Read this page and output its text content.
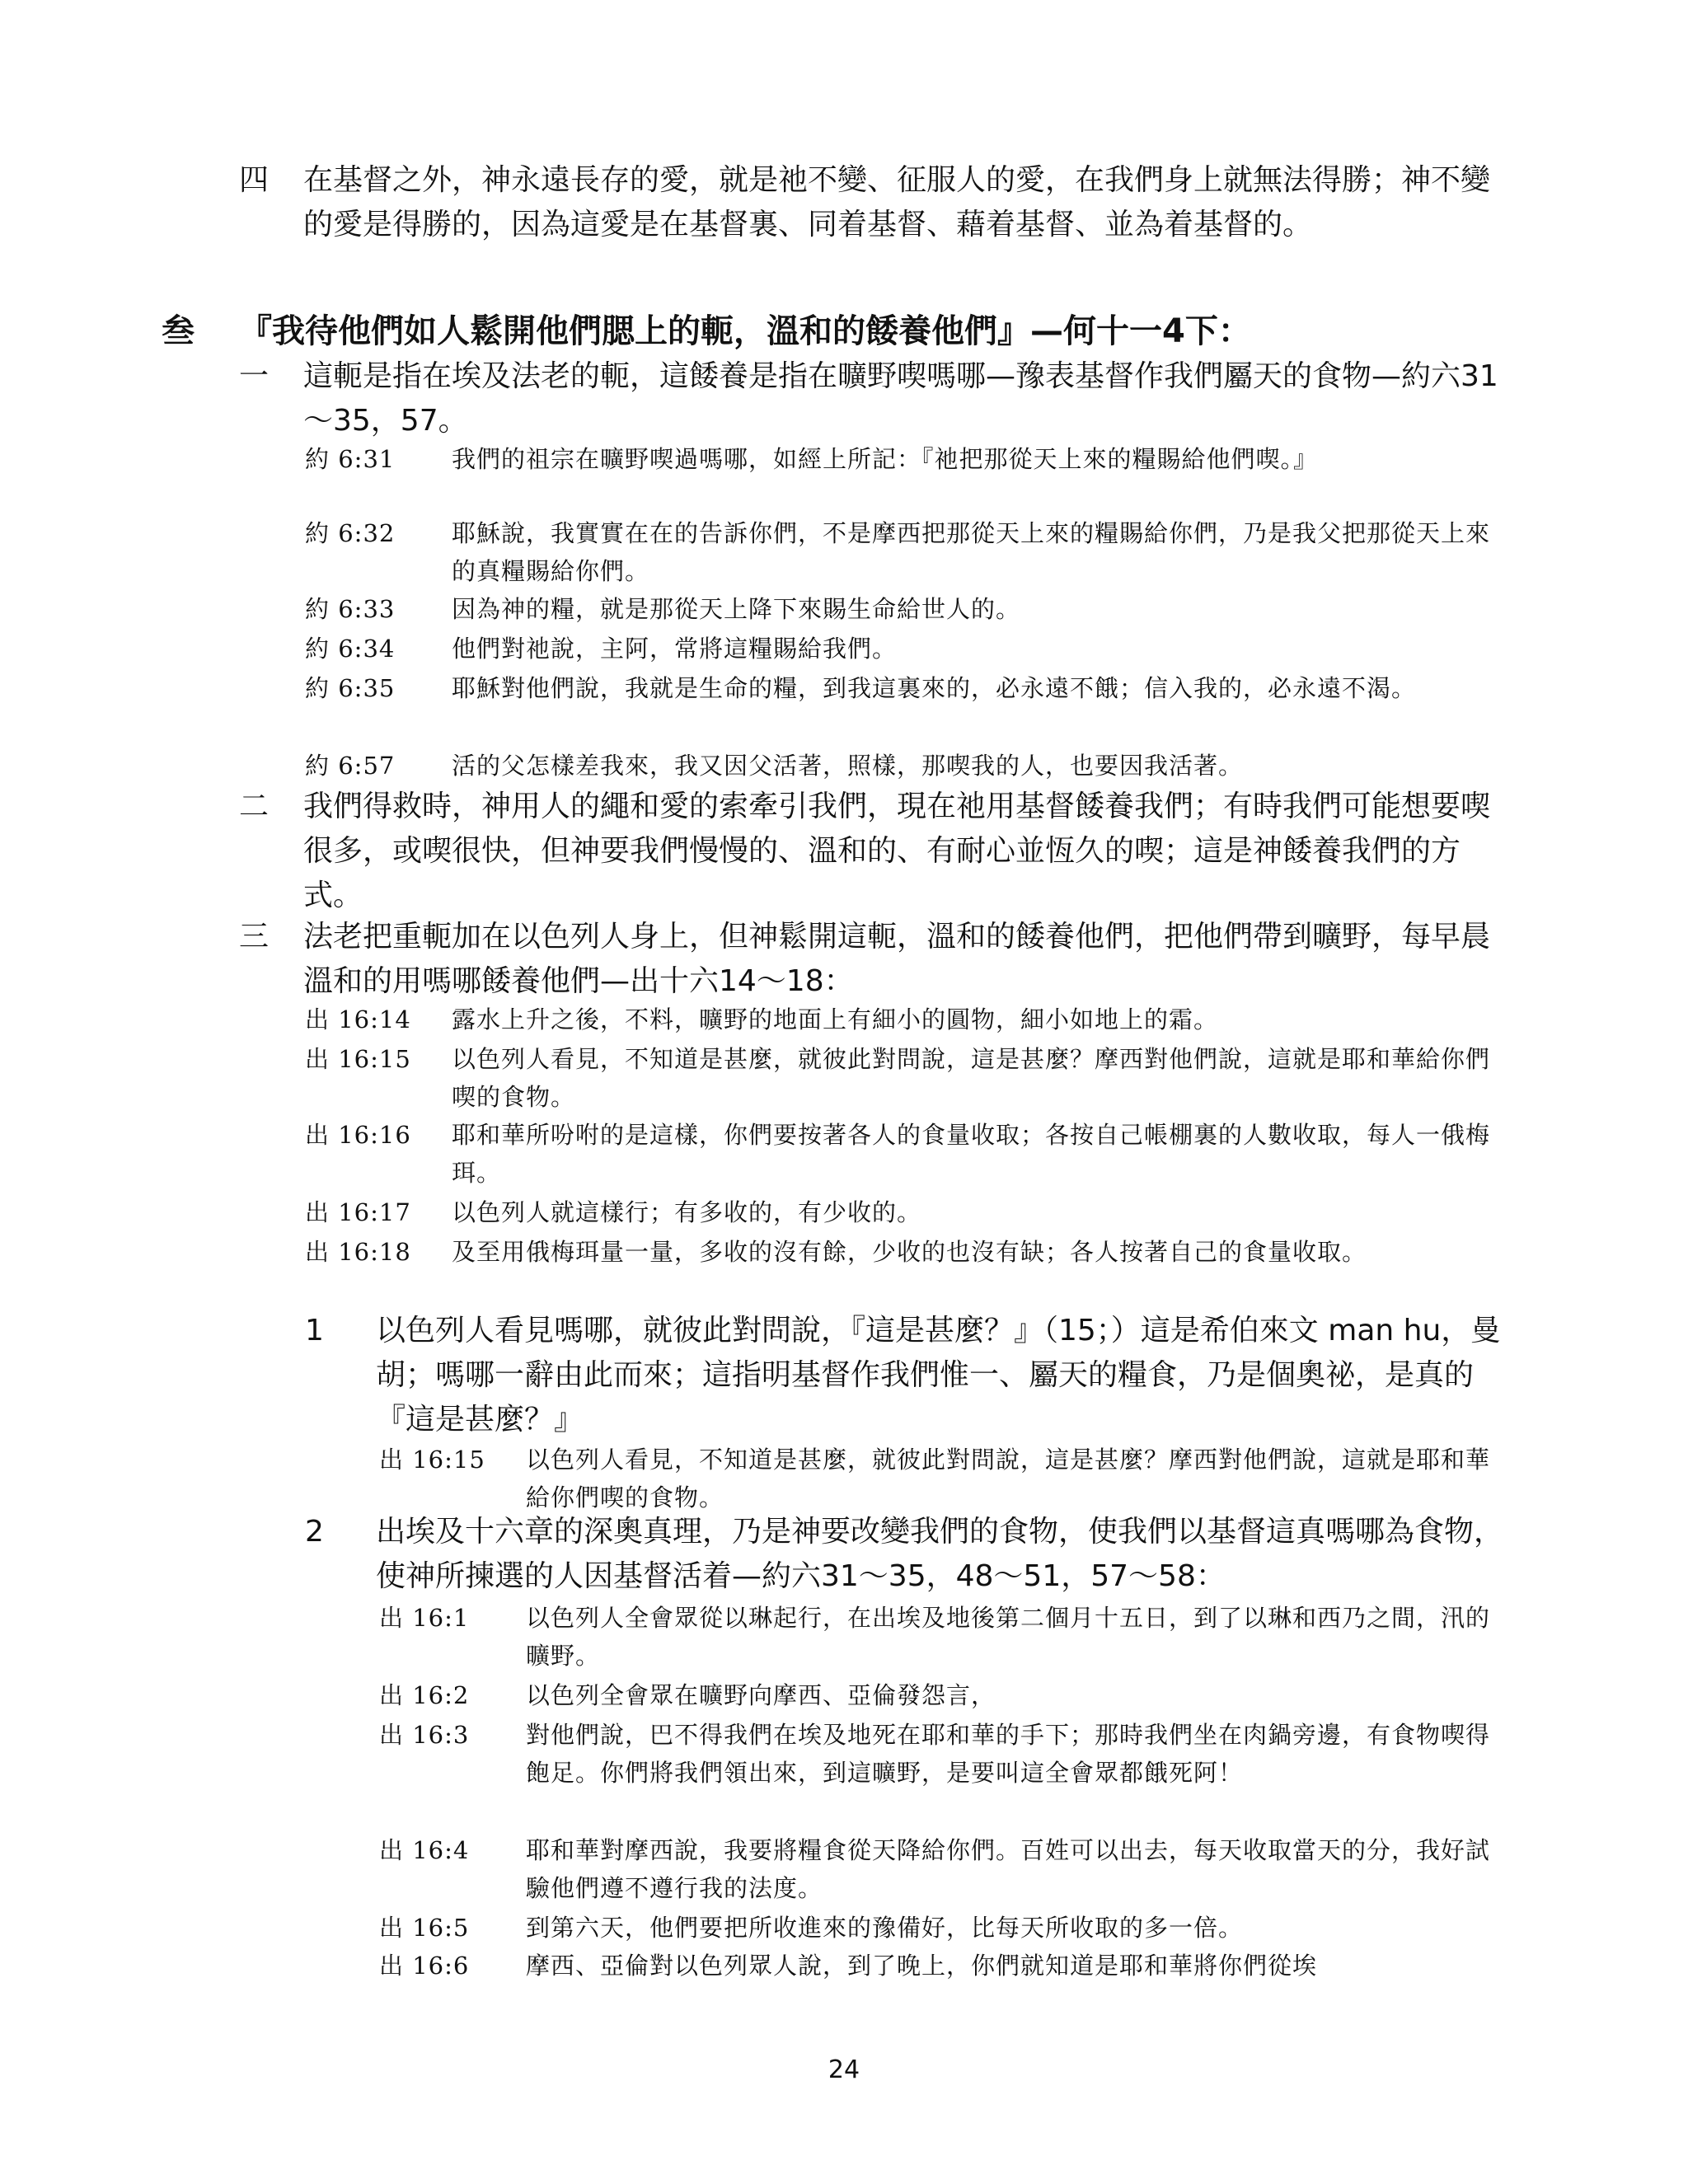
四 在基督之外，神永遠長存的愛，就是祂不變、征服人的愛，在我們身上就無法得勝；神不變的愛是得勝的，因為這愛是在基督裏、同着基督、藉着基督、並為着基督的。
叁 『我待他們如人鬆開他們腮上的軛，溫和的餧養他們』—何十一4下：
一 這軛是指在埃及法老的軛，這餧養是指在曠野喫嗎哪—豫表基督作我們屬天的食物—約六31～35，57。
約 6:31 我們的祖宗在曠野喫過嗎哪，如經上所記：『祂把那從天上來的糧賜給他們喫。』
約 6:32 耶穌說，我實實在在的告訴你們，不是摩西把那從天上來的糧賜給你們，乃是我父把那從天上來的真糧賜給你們。
約 6:33 因為神的糧，就是那從天上降下來賜生命給世人的。
約 6:34 他們對祂說，主阿，常將這糧賜給我們。
約 6:35 耶穌對他們說，我就是生命的糧，到我這裏來的，必永遠不餓；信入我的，必永遠不渴。
約 6:57 活的父怎樣差我來，我又因父活著，照樣，那喫我的人，也要因我活著。
二 我們得救時，神用人的繩和愛的索牽引我們，現在祂用基督餧養我們；有時我們可能想要喫很多，或喫很快，但神要我們慢慢的、溫和的、有耐心並恆久的喫；這是神餧養我們的方式。
三 法老把重軛加在以色列人身上，但神鬆開這軛，溫和的餧養他們，把他們帶到曠野，每早晨溫和的用嗎哪餧養他們—出十六14～18：
出 16:14 露水上升之後，不料，曠野的地面上有細小的圓物，細小如地上的霜。
出 16:15 以色列人看見，不知道是甚麼，就彼此對問說，這是甚麼？摩西對他們說，這就是耶和華給你們喫的食物。
出 16:16 耶和華所吩咐的是這樣，你們要按著各人的食量收取；各按自己帳棚裏的人數收取，每人一俄梅珥。
出 16:17 以色列人就這樣行；有多收的，有少收的。
出 16:18 及至用俄梅珥量一量，多收的沒有餘，少收的也沒有缺；各人按著自己的食量收取。
1 以色列人看見嗎哪，就彼此對問說，『這是甚麼？』（15；）這是希伯來文 man hu，曼胡；嗎哪一辭由此而來；這指明基督作我們惟一、屬天的糧食，乃是個奧祕，是真的『這是甚麼？』
出 16:15 以色列人看見，不知道是甚麼，就彼此對問說，這是甚麼？摩西對他們說，這就是耶和華給你們喫的食物。
2 出埃及十六章的深奧真理，乃是神要改變我們的食物，使我們以基督這真嗎哪為食物，使神所揀選的人因基督活着—約六31～35，48～51，57～58：
出 16:1 以色列人全會眾從以琳起行，在出埃及地後第二個月十五日，到了以琳和西乃之間，汛的曠野。
出 16:2 以色列全會眾在曠野向摩西、亞倫發怨言，
出 16:3 對他們說，巴不得我們在埃及地死在耶和華的手下；那時我們坐在肉鍋旁邊，有食物喫得飽足。你們將我們領出來，到這曠野，是要叫這全會眾都餓死阿！
出 16:4 耶和華對摩西說，我要將糧食從天降給你們。百姓可以出去，每天收取當天的分，我好試驗他們遵不遵行我的法度。
出 16:5 到第六天，他們要把所收進來的豫備好，比每天所收取的多一倍。
出 16:6 摩西、亞倫對以色列眾人說，到了晚上，你們就知道是耶和華將你們從埃
24
